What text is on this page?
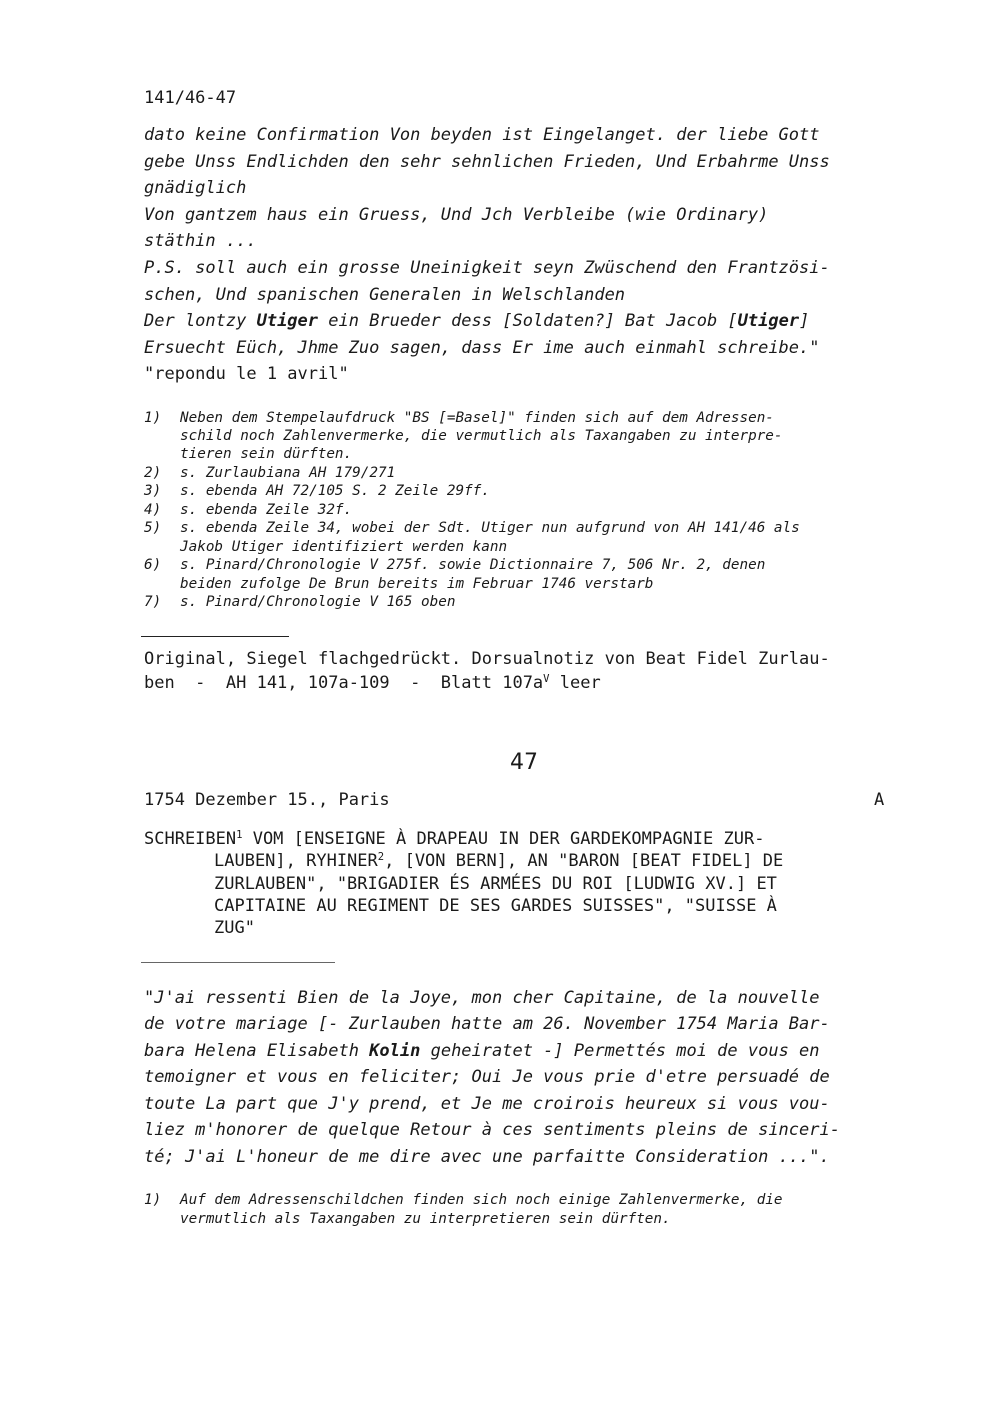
141/46-47
dato keine Confirmation Von beyden ist Eingelanget. der liebe Gott
gebe Unss Endlichden den sehr sehnlichen Frieden, Und Erbahrme Unss
gnädiglich
Von gantzem haus ein Gruess, Und Jch Verbleibe (wie Ordinary)
stäthin ...
P.S. soll auch ein grosse Uneinigkeit seyn Zwüschend den Frantzösi-
schen, Und spanischen Generalen in Welschlanden
Der lontzy Utiger ein Brueder dess [Soldaten?] Bat Jacob [Utiger]
Ersuecht Eüch, Jhme Zuo sagen, dass Er ime auch einmahl schreibe."
"repondu le 1 avril"
1) Neben dem Stempelaufdruck "BS [=Basel]" finden sich auf dem Adressen-
schild noch Zahlenvermerke, die vermutlich als Taxangaben zu interpre-
tieren sein dürften.
2) s. Zurlaubiana AH 179/271
3) s. ebenda AH 72/105 S. 2 Zeile 29ff.
4) s. ebenda Zeile 32f.
5) s. ebenda Zeile 34, wobei der Sdt. Utiger nun aufgrund von AH 141/46 als
Jakob Utiger identifiziert werden kann
6) s. Pinard/Chronologie V 275f. sowie Dictionnaire 7, 506 Nr. 2, denen
beiden zufolge De Brun bereits im Februar 1746 verstarb
7) s. Pinard/Chronologie V 165 oben
Original, Siegel flachgedrückt. Dorsualnotiz von Beat Fidel Zurlau-
ben  -  AH 141, 107a-109  -  Blatt $107a^V$ leer
47
1754 Dezember 15., Paris	A
SCHREIBEN$^1$ VOM [ENSEIGNE À DRAPEAU IN DER GARDEKOMPAGNIE ZUR-
LAUBEN], RYHINER$^2$, [VON BERN], AN "BARON [BEAT FIDEL] DE
ZURLAUBEN", "BRIGADIER ÉS ARMÉES DU ROI [LUDWIG XV.] ET
CAPITAINE AU REGIMENT DE SES GARDES SUISSES", "SUISSE À
ZUG"
"J'ai ressenti Bien de la Joye, mon cher Capitaine, de la nouvelle
de votre mariage [- Zurlauben hatte am 26. November 1754 Maria Bar-
bara Helena Elisabeth Kolin geheiratet -] Permettés moi de vous en
temoigner et vous en feliciter; Oui Je vous prie d'etre persuadé de
toute La part que J'y prend, et Je me croirois heureux si vous vou-
liez m'honorer de quelque Retour à ces sentiments pleins de sinceri-
té; J'ai L'honeur de me dire avec une parfaitte Consideration ...".
1) Auf dem Adressenschildchen finden sich noch einige Zahlenvermerke, die
vermutlich als Taxangaben zu interpretieren sein dürften.
